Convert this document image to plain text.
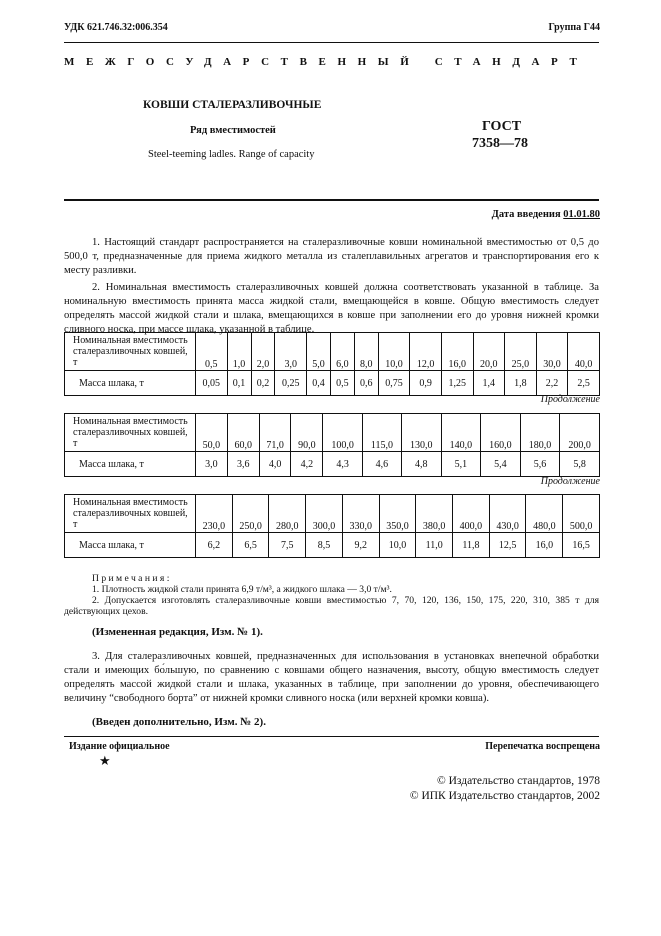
УДК 621.746.32:006.354	Группа Г44
МЕЖГОСУДАРСТВЕННЫЙ СТАНДАРТ
КОВШИ СТАЛЕРАЗЛИВОЧНЫЕ
Ряд вместимостей
Steel-teeming ladles. Range of capacity
ГОСТ
7358—78
Дата введения 01.01.80

1. Настоящий стандарт распространяется на сталеразливочные ковши номинальной вместимостью от 0,5 до 500,0 т, предназначенные для приема жидкого металла из сталеплавильных агрегатов и транспортирования его к месту разливки.

2. Номинальная вместимость сталеразливочных ковшей должна соответствовать указанной в таблице. За номинальную вместимость принята масса жидкой стали, вмещающейся в ковше. Общую вместимость следует определять массой жидкой стали и шлака, вмещающихся в ковше при заполнении его до уровня нижней кромки сливного носка, при массе шлака, указанной в таблице.

Номинальная вместимость сталеразливочных ковшей, т	0,5	1,0	2,0	3,0	5,0	6,0	8,0	10,0	12,0	16,0	20,0	25,0	30,0	40,0
Масса шлака, т	0,05	0,1	0,2	0,25	0,4	0,5	0,6	0,75	0,9	1,25	1,4	1,8	2,2	2,5
Продолжение
Номинальная вместимость сталеразливочных ковшей, т	50,0	60,0	71,0	90,0	100,0	115,0	130,0	140,0	160,0	180,0	200,0
Масса шлака, т	3,0	3,6	4,0	4,2	4,3	4,6	4,8	5,1	5,4	5,6	5,8
Продолжение
Номинальная вместимость сталеразливочных ковшей, т	230,0	250,0	280,0	300,0	330,0	350,0	380,0	400,0	430,0	480,0	500,0
Масса шлака, т	6,2	6,5	7,5	8,5	9,2	10,0	11,0	11,8	12,5	16,0	16,5
Примечания:
1. Плотность жидкой стали принята 6,9 т/м³, а жидкого шлака — 3,0 т/м³.
2. Допускается изготовлять сталеразливочные ковши вместимостью 7, 70, 120, 136, 150, 175, 220, 310, 385 т для действующих цехов.
(Измененная редакция, Изм. № 1).

3. Для сталеразливочных ковшей, предназначенных для использования в установках внепечной обработки стали и имеющих бо́льшую, по сравнению с ковшами общего назначения, высоту, общую вместимость следует определять массой жидкой стали и шлака, указанных в таблице, при заполнении до уровня, обеспечивающего величину “свободного борта” от нижней кромки сливного носка (или верхней кромки ковша).

(Введен дополнительно, Изм. № 2).
Издание официальное	Перепечатка воспрещена
★
© Издательство стандартов, 1978
© ИПК Издательство стандартов, 2002
